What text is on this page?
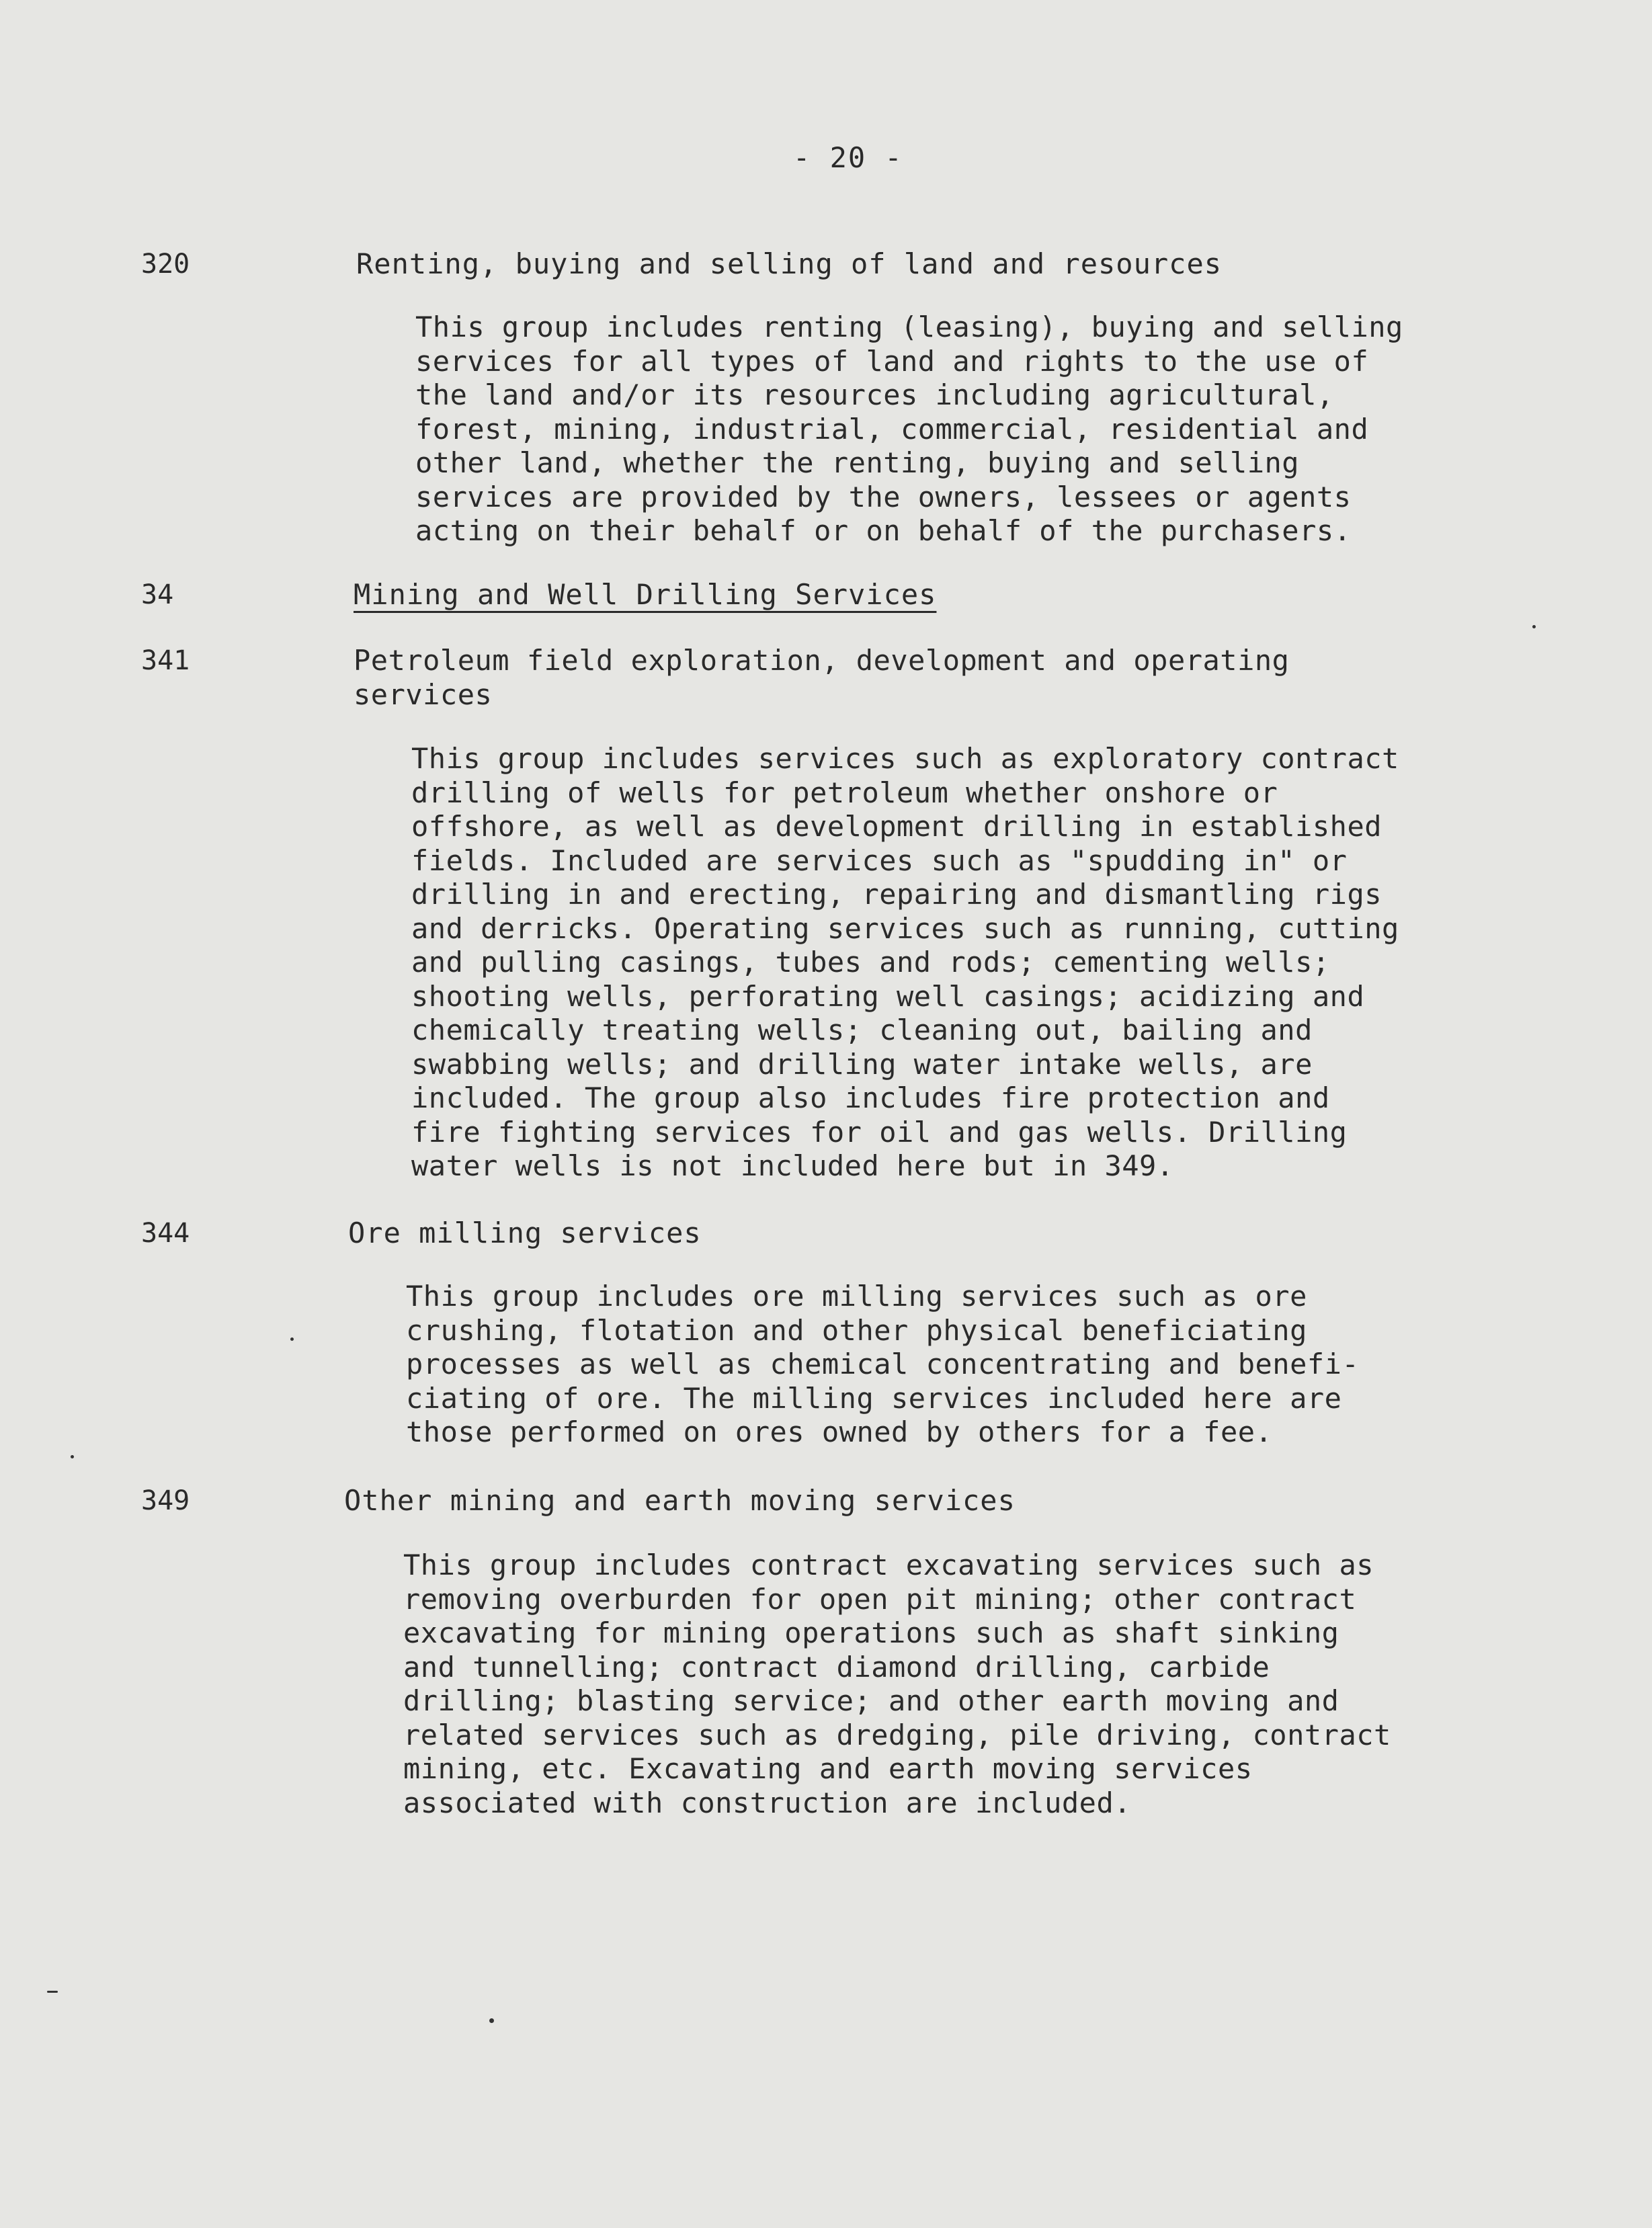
- 20 -
320	Renting, buying and selling of land and resources

This group includes renting (leasing), buying and selling
services for all types of land and rights to the use of
the land and/or its resources including agricultural,
forest, mining, industrial, commercial, residential and
other land, whether the renting, buying and selling
services are provided by the owners, lessees or agents
acting on their behalf or on behalf of the purchasers.

34	Mining and Well Drilling Services
341	Petroleum field exploration, development and operating
services

This group includes services such as exploratory contract
drilling of wells for petroleum whether onshore or
offshore, as well as development drilling in established
fields. Included are services such as "spudding in" or
drilling in and erecting, repairing and dismantling rigs
and derricks. Operating services such as running, cutting
and pulling casings, tubes and rods; cementing wells;
shooting wells, perforating well casings; acidizing and
chemically treating wells; cleaning out, bailing and
swabbing wells; and drilling water intake wells, are
included. The group also includes fire protection and
fire fighting services for oil and gas wells. Drilling
water wells is not included here but in 349.

344	Ore milling services

This group includes ore milling services such as ore
crushing, flotation and other physical beneficiating
processes as well as chemical concentrating and benefi-
ciating of ore. The milling services included here are
those performed on ores owned by others for a fee.

349	Other mining and earth moving services

This group includes contract excavating services such as
removing overburden for open pit mining; other contract
excavating for mining operations such as shaft sinking
and tunnelling; contract diamond drilling, carbide
drilling; blasting service; and other earth moving and
related services such as dredging, pile driving, contract
mining, etc. Excavating and earth moving services
associated with construction are included.
